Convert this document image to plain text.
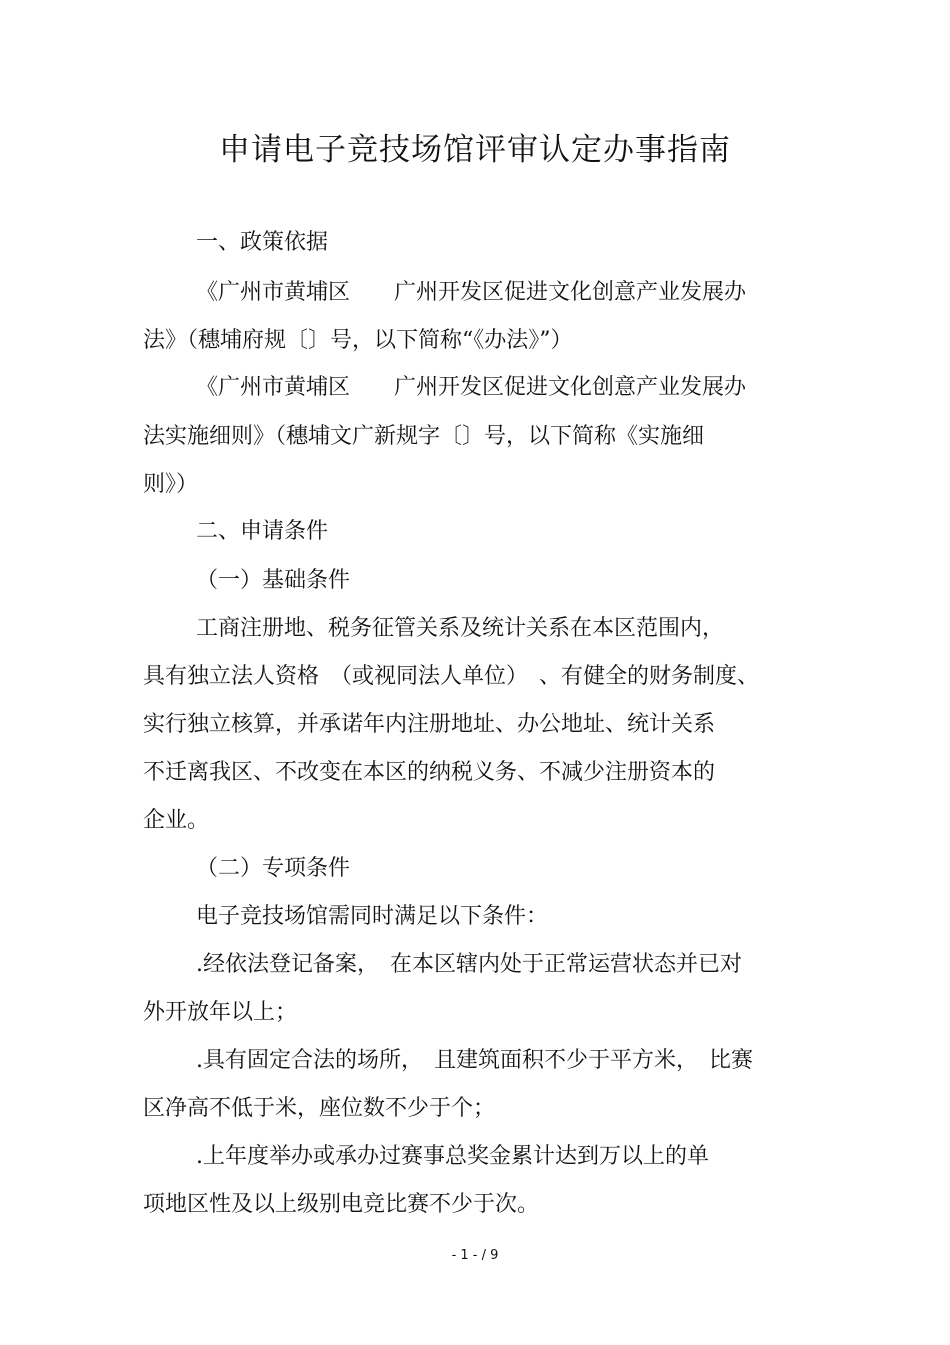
申请电子竞技场馆评审认定办事指南
一、政策依据
《广州市黄埔区　　广州开发区促进文化创意产业发展办
法》（穗埔府规〔〕号，以下简称“《办法》”）
《广州市黄埔区　　广州开发区促进文化创意产业发展办
法实施细则》（穗埔文广新规字〔〕号，以下简称《实施细
则》）
二、申请条件
（一）基础条件
工商注册地、税务征管关系及统计关系在本区范围内，
具有独立法人资格　（或视同法人单位）　、有健全的财务制度、
实行独立核算，并承诺年内注册地址、办公地址、统计关系
不迁离我区、不改变在本区的纳税义务、不减少注册资本的
企业。
（二）专项条件
电子竞技场馆需同时满足以下条件：
.经依法登记备案，　在本区辖内处于正常运营状态并已对
外开放年以上；
.具有固定合法的场所，　且建筑面积不少于平方米，　比赛
区净高不低于米，座位数不少于个；
.上年度举办或承办过赛事总奖金累计达到万以上的单
项地区性及以上级别电竞比赛不少于次。
- 1 - / 9
